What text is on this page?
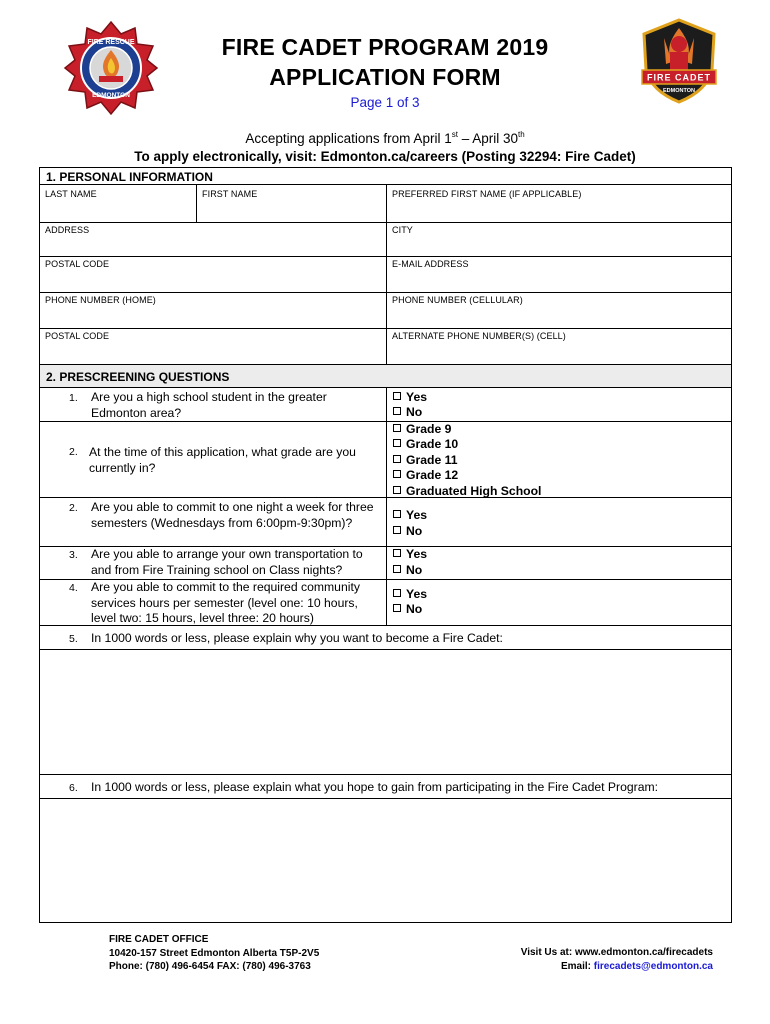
FIRE RESCUE
EDMONTON
FIRE CADET
EDMONTON
FIRE CADET PROGRAM 2019
APPLICATION FORM
Page 1 of 3
Accepting applications from April 1st – April 30th
To apply electronically, visit: Edmonton.ca/careers (Posting 32294: Fire Cadet)
1. PERSONAL INFORMATION
LAST NAME	FIRST NAME	PREFERRED FIRST NAME (IF APPLICABLE)
ADDRESS	CITY
POSTAL CODE	E-MAIL ADDRESS
PHONE NUMBER (HOME)	PHONE NUMBER (CELLULAR)
POSTAL CODE	ALTERNATE PHONE NUMBER(S) (CELL)
2. PRESCREENING QUESTIONS
1. Are you a high school student in the greater Edmonton area?
Yes
No
2. At the time of this application, what grade are you currently in?
Grade 9
Grade 10
Grade 11
Grade 12
Graduated High School
2. Are you able to commit to one night a week for three semesters (Wednesdays from 6:00pm-9:30pm)?
Yes
No
3. Are you able to arrange your own transportation to and from Fire Training school on Class nights?
Yes
No
4. Are you able to commit to the required community services hours per semester (level one: 10 hours, level two: 15 hours, level three: 20 hours)
Yes
No
5. In 1000 words or less, please explain why you want to become a Fire Cadet:
6. In 1000 words or less, please explain what you hope to gain from participating in the Fire Cadet Program:
FIRE CADET OFFICE
10420-157 Street Edmonton Alberta T5P-2V5
Phone: (780) 496-6454 FAX: (780) 496-3763
Visit Us at: www.edmonton.ca/firecadets
Email: firecadets@edmonton.ca
